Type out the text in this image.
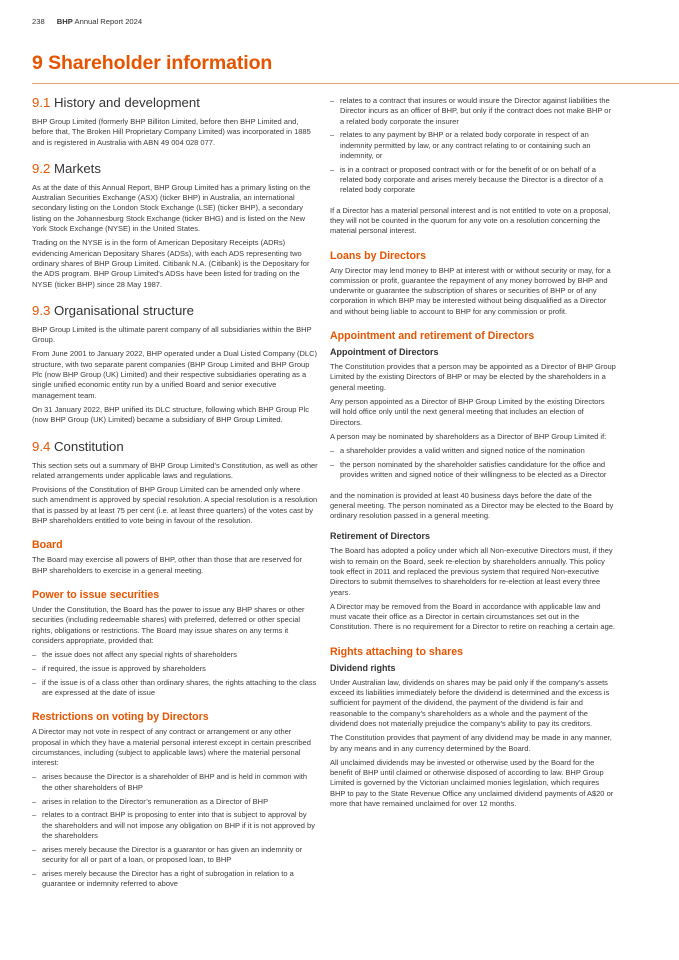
238 BHP Annual Report 2024
9 Shareholder information
9.1 History and development

BHP Group Limited (formerly BHP Billiton Limited, before then BHP Limited and, before that, The Broken Hill Proprietary Company Limited) was incorporated in 1885 and is registered in Australia with ABN 49 004 028 077.

9.2 Markets

As at the date of this Annual Report, BHP Group Limited has a primary listing on the Australian Securities Exchange (ASX) (ticker BHP) in Australia, an international secondary listing on the London Stock Exchange (LSE) (ticker BHP), a secondary listing on the Johannesburg Stock Exchange (ticker BHG) and is listed on the New York Stock Exchange (NYSE) in the United States.

Trading on the NYSE is in the form of American Depositary Receipts (ADRs) evidencing American Depositary Shares (ADSs), with each ADS representing two ordinary shares of BHP Group Limited. Citibank N.A. (Citibank) is the Depositary for the ADS program. BHP Group Limited’s ADSs have been listed for trading on the NYSE (ticker BHP) since 28 May 1987.

9.3 Organisational structure

BHP Group Limited is the ultimate parent company of all subsidiaries within the BHP Group.

From June 2001 to January 2022, BHP operated under a Dual Listed Company (DLC) structure, with two separate parent companies (BHP Group Limited and BHP Group Plc (now BHP Group (UK) Limited) and their respective subsidiaries operating as a single unified economic entity run by a unified Board and senior executive management team.

On 31 January 2022, BHP unified its DLC structure, following which BHP Group Plc (now BHP Group (UK) Limited) became a subsidiary of BHP Group Limited.

9.4 Constitution

This section sets out a summary of BHP Group Limited’s Constitution, as well as other related arrangements under applicable laws and regulations.

Provisions of the Constitution of BHP Group Limited can be amended only where such amendment is approved by special resolution. A special resolution is a resolution that is passed by at least 75 per cent (i.e. at least three quarters) of the votes cast by BHP shareholders entitled to vote being in favour of the resolution.

Board

The Board may exercise all powers of BHP, other than those that are reserved for BHP shareholders to exercise in a general meeting.

Power to issue securities

Under the Constitution, the Board has the power to issue any BHP shares or other securities (including redeemable shares) with preferred, deferred or other special rights, obligations or restrictions. The Board may issue shares on any terms it considers appropriate, provided that:

– the issue does not affect any special rights of shareholders
– if required, the issue is approved by shareholders
– if the issue is of a class other than ordinary shares, the rights attaching to the class are expressed at the date of issue
Restrictions on voting by Directors

A Director may not vote in respect of any contract or arrangement or any other proposal in which they have a material personal interest except in certain prescribed circumstances, including (subject to applicable laws) where the material personal interest:

– arises because the Director is a shareholder of BHP and is held in common with the other shareholders of BHP
– arises in relation to the Director’s remuneration as a Director of BHP
– relates to a contract BHP is proposing to enter into that is subject to approval by the shareholders and will not impose any obligation on BHP if it is not approved by the shareholders
– arises merely because the Director is a guarantor or has given an indemnity or security for all or part of a loan, or proposed loan, to BHP
– arises merely because the Director has a right of subrogation in relation to a guarantee or indemnity referred to above
– relates to a contract that insures or would insure the Director against liabilities the Director incurs as an officer of BHP, but only if the contract does not make BHP or a related body corporate the insurer
– relates to any payment by BHP or a related body corporate in respect of an indemnity permitted by law, or any contract relating to or containing such an indemnity, or
– is in a contract or proposed contract with or for the benefit of or on behalf of a related body corporate and arises merely because the Director is a director of a related body corporate

If a Director has a material personal interest and is not entitled to vote on a proposal, they will not be counted in the quorum for any vote on a resolution concerning the material personal interest.

Loans by Directors

Any Director may lend money to BHP at interest with or without security or may, for a commission or profit, guarantee the repayment of any money borrowed by BHP and underwrite or guarantee the subscription of shares or securities of BHP or of any corporation in which BHP may be interested without being disqualified as a Director and without being liable to account to BHP for any commission or profit.

Appointment and retirement of Directors
Appointment of Directors

The Constitution provides that a person may be appointed as a Director of BHP Group Limited by the existing Directors of BHP or may be elected by the shareholders in a general meeting.

Any person appointed as a Director of BHP Group Limited by the existing Directors will hold office only until the next general meeting that includes an election of Directors.

A person may be nominated by shareholders as a Director of BHP Group Limited if:

– a shareholder provides a valid written and signed notice of the nomination
– the person nominated by the shareholder satisfies candidature for the office and provides written and signed notice of their willingness to be elected as a Director

and the nomination is provided at least 40 business days before the date of the general meeting. The person nominated as a Director may be elected to the Board by ordinary resolution passed in a general meeting.

Retirement of Directors

The Board has adopted a policy under which all Non-executive Directors must, if they wish to remain on the Board, seek re-election by shareholders annually. This policy took effect in 2011 and replaced the previous system that required Non-executive Directors to submit themselves to shareholders for re-election at least every three years.

A Director may be removed from the Board in accordance with applicable law and must vacate their office as a Director in certain circumstances set out in the Constitution. There is no requirement for a Director to retire on reaching a certain age.

Rights attaching to shares
Dividend rights

Under Australian law, dividends on shares may be paid only if the company’s assets exceed its liabilities immediately before the dividend is determined and the excess is sufficient for payment of the dividend, the payment of the dividend is fair and reasonable to the company’s shareholders as a whole and the payment of the dividend does not materially prejudice the company’s ability to pay its creditors.

The Constitution provides that payment of any dividend may be made in any manner, by any means and in any currency determined by the Board.

All unclaimed dividends may be invested or otherwise used by the Board for the benefit of BHP until claimed or otherwise disposed of according to law. BHP Group Limited is governed by the Victorian unclaimed monies legislation, which requires BHP to pay to the State Revenue Office any unclaimed dividend payments of A$20 or more that have remained unclaimed for over 12 months.
